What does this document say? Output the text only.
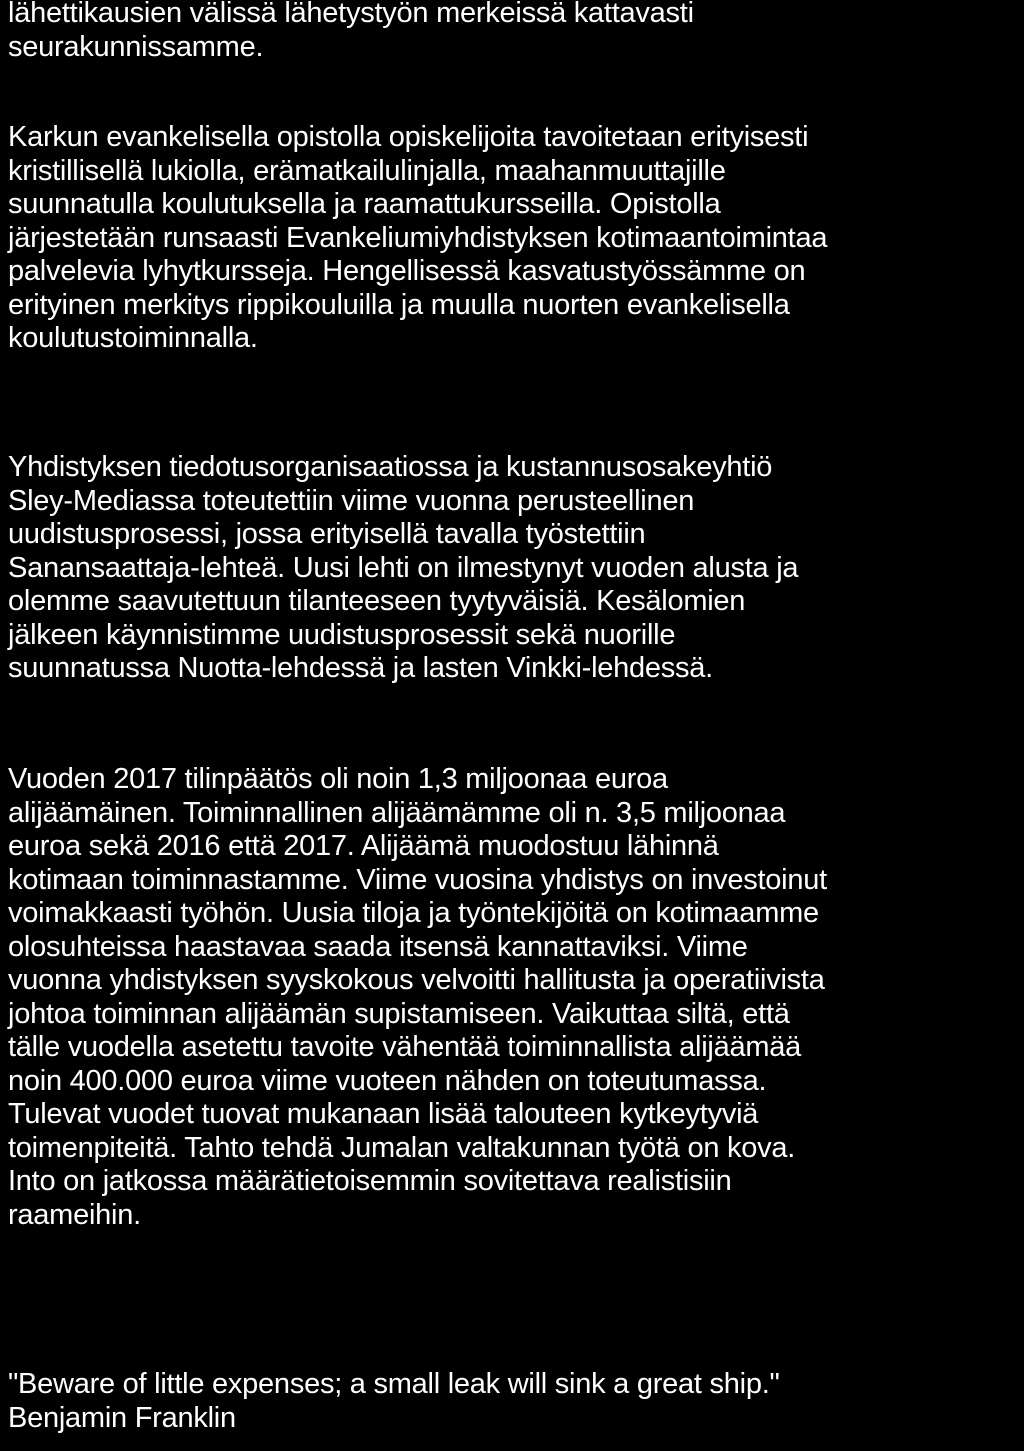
lähettikausien välissä lähetystyön merkeissä kattavasti
seurakunnissamme.

Karkun evankelisella opistolla opiskelijoita tavoitetaan erityisesti
kristillisellä lukiolla, erämatkailulinjalla, maahanmuuttajille
suunnatulla koulutuksella ja raamattukursseilla. Opistolla
järjestetään runsaasti Evankeliumiyhdistyksen kotimaantoimintaa
palvelevia lyhytkursseja. Hengellisessä kasvatustyössämme on
erityinen merkitys rippikouluilla ja muulla nuorten evankelisella
koulutustoiminnalla.

Yhdistyksen tiedotusorganisaatiossa ja kustannusosakeyhtiö
Sley-Mediassa toteutettiin viime vuonna perusteellinen
uudistusprosessi, jossa erityisellä tavalla työstettiin
Sanansaattaja-lehteä. Uusi lehti on ilmestynyt vuoden alusta ja
olemme saavutettuun tilanteeseen tyytyväisiä. Kesälomien
jälkeen käynnistimme uudistusprosessit sekä nuorille
suunnatussa Nuotta-lehdessä ja lasten Vinkki-lehdessä.

Vuoden 2017 tilinpäätös oli noin 1,3 miljoonaa euroa
alijäämäinen. Toiminnallinen alijäämämme oli n. 3,5 miljoonaa
euroa sekä 2016 että 2017. Alijäämä muodostuu lähinnä
kotimaan toiminnastamme. Viime vuosina yhdistys on investoinut
voimakkaasti työhön. Uusia tiloja ja työntekijöitä on kotimaamme
olosuhteissa haastavaa saada itsensä kannattaviksi. Viime
vuonna yhdistyksen syyskokous velvoitti hallitusta ja operatiivista
johtoa toiminnan alijäämän supistamiseen. Vaikuttaa siltä, että
tälle vuodella asetettu tavoite vähentää toiminnallista alijäämää
noin 400.000 euroa viime vuoteen nähden on toteutumassa.
Tulevat vuodet tuovat mukanaan lisää talouteen kytkeytyviä
toimenpiteitä. Tahto tehdä Jumalan valtakunnan työtä on kova.
Into on jatkossa määrätietoisemmin sovitettava realistisiin
raameihin.

"Beware of little expenses; a small leak will sink a great ship."
Benjamin Franklin
